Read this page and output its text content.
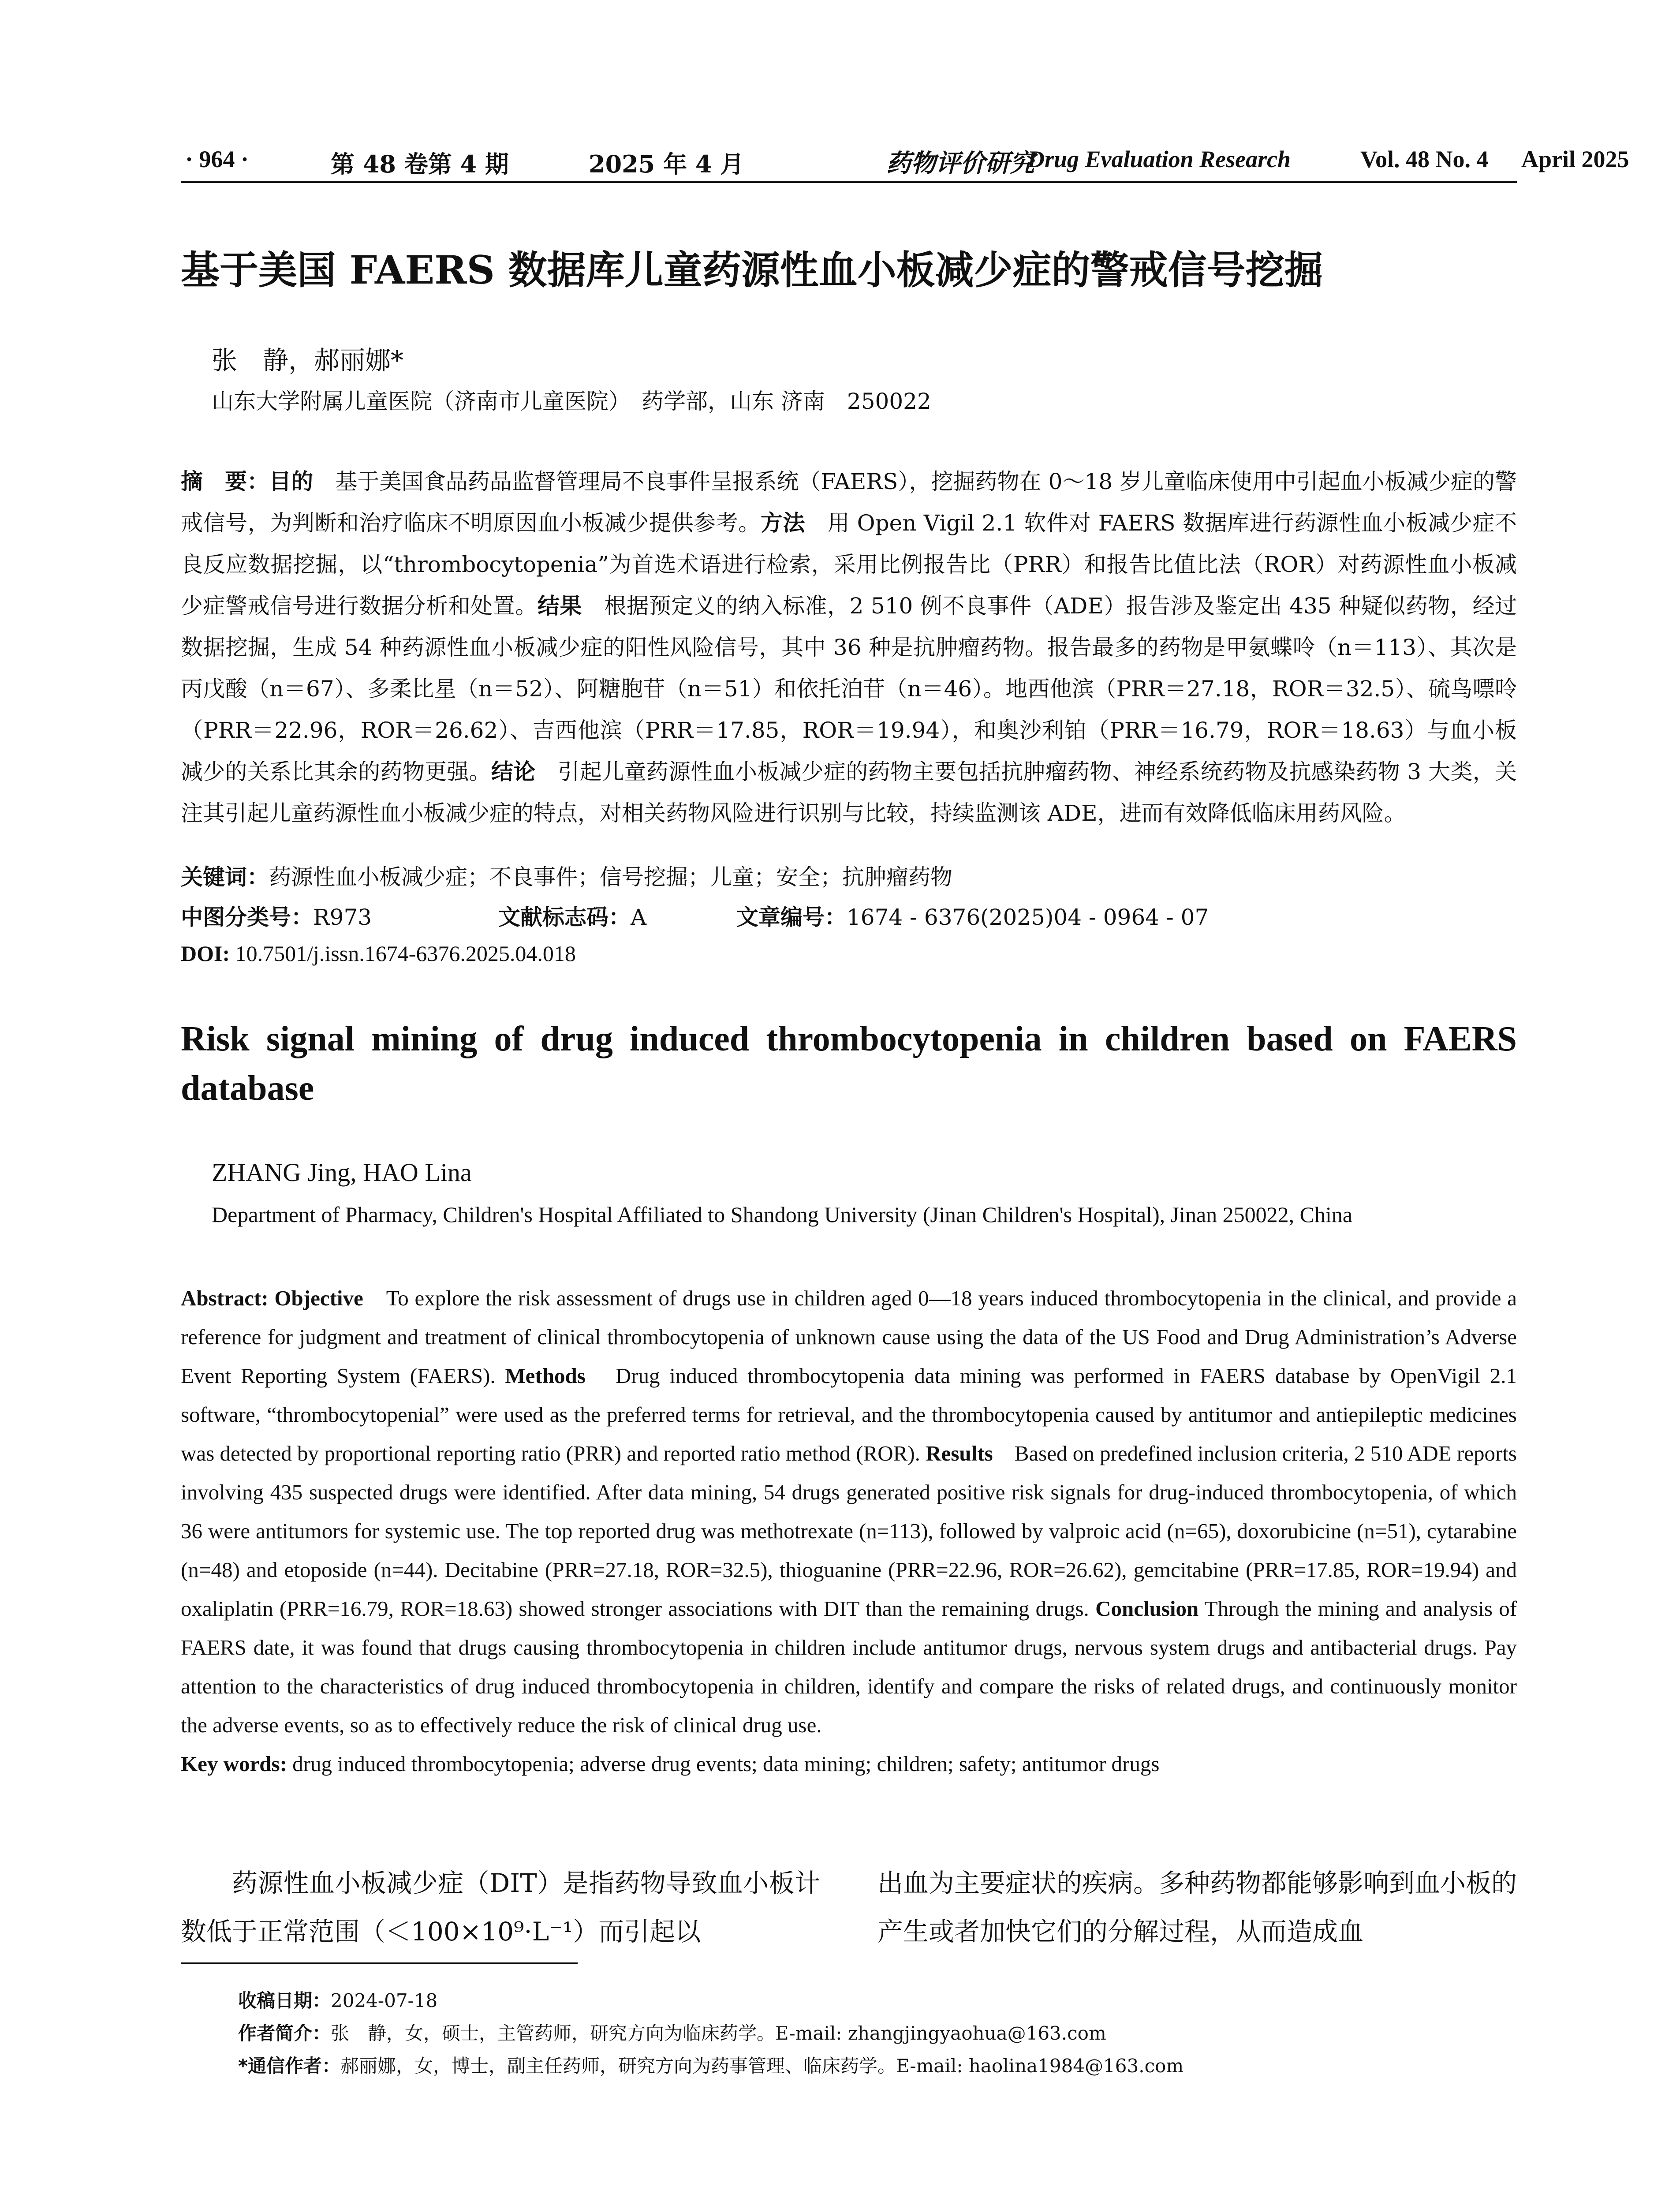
· 964 ·	第 48 卷第 4 期	2025 年 4 月	药物评价研究
Drug Evaluation Research	Vol. 48 No. 4 April 2025
基于美国 FAERS 数据库儿童药源性血小板减少症的警戒信号挖掘
张　静，郝丽娜*
山东大学附属儿童医院（济南市儿童医院）　药学部，山东 济南　250022

摘　要：目的　基于美国食品药品监督管理局不良事件呈报系统（FAERS），挖掘药物在 0～18 岁儿童临床使用中引起血小板减少症的警戒信号，为判断和治疗临床不明原因血小板减少提供参考。方法　用 Open Vigil 2.1 软件对 FAERS 数据库进行药源性血小板减少症不良反应数据挖掘，以“thrombocytopenia”为首选术语进行检索，采用比例报告比（PRR）和报告比值比法（ROR）对药源性血小板减少症警戒信号进行数据分析和处置。结果　根据预定义的纳入标准，2 510 例不良事件（ADE）报告涉及鉴定出 435 种疑似药物，经过数据挖掘，生成 54 种药源性血小板减少症的阳性风险信号，其中 36 种是抗肿瘤药物。报告最多的药物是甲氨蝶呤（n＝113）、其次是丙戊酸（n＝67）、多柔比星（n＝52）、阿糖胞苷（n＝51）和依托泊苷（n＝46）。地西他滨（PRR＝27.18，ROR＝32.5）、硫鸟嘌呤（PRR＝22.96，ROR＝26.62）、吉西他滨（PRR＝17.85，ROR＝19.94），和奥沙利铂（PRR＝16.79，ROR＝18.63）与血小板减少的关系比其余的药物更强。结论　引起儿童药源性血小板减少症的药物主要包括抗肿瘤药物、神经系统药物及抗感染药物 3 大类，关注其引起儿童药源性血小板减少症的特点，对相关药物风险进行识别与比较，持续监测该 ADE，进而有效降低临床用药风险。

关键词：药源性血小板减少症；不良事件；信号挖掘；儿童；安全；抗肿瘤药物
中图分类号：R973	文献标志码：A	文章编号：1674 - 6376(2025)04 - 0964 - 07
DOI: 10.7501/j.issn.1674-6376.2025.04.018
Risk signal mining of drug induced thrombocytopenia in children based on FAERS database
ZHANG Jing, HAO Lina
Department of Pharmacy, Children's Hospital Affiliated to Shandong University (Jinan Children's Hospital), Jinan 250022, China

Abstract: Objective　To explore the risk assessment of drugs use in children aged 0—18 years induced thrombocytopenia in the clinical, and provide a reference for judgment and treatment of clinical thrombocytopenia of unknown cause using the data of the US Food and Drug Administration’s Adverse Event Reporting System (FAERS). Methods　Drug induced thrombocytopenia data mining was performed in FAERS database by OpenVigil 2.1 software, “thrombocytopenial” were used as the preferred terms for retrieval, and the thrombocytopenia caused by antitumor and antiepileptic medicines was detected by proportional reporting ratio (PRR) and reported ratio method (ROR). Results　Based on predefined inclusion criteria, 2 510 ADE reports involving 435 suspected drugs were identified. After data mining, 54 drugs generated positive risk signals for drug-induced thrombocytopenia, of which 36 were antitumors for systemic use. The top reported drug was methotrexate (n=113), followed by valproic acid (n=65), doxorubicine (n=51), cytarabine (n=48) and etoposide (n=44). Decitabine (PRR=27.18, ROR=32.5), thioguanine (PRR=22.96, ROR=26.62), gemcitabine (PRR=17.85, ROR=19.94) and oxaliplatin (PRR=16.79, ROR=18.63) showed stronger associations with DIT than the remaining drugs. Conclusion Through the mining and analysis of FAERS date, it was found that drugs causing thrombocytopenia in children include antitumor drugs, nervous system drugs and antibacterial drugs. Pay attention to the characteristics of drug induced thrombocytopenia in children, identify and compare the risks of related drugs, and continuously monitor the adverse events, so as to effectively reduce the risk of clinical drug use.

Key words: drug induced thrombocytopenia; adverse drug events; data mining; children; safety; antitumor drugs

药源性血小板减少症（DIT）是指药物导致血小板计数低于正常范围（＜100×10⁹·L⁻¹）而引起以
出血为主要症状的疾病。多种药物都能够影响到血小板的产生或者加快它们的分解过程，从而造成血
收稿日期：2024-07-18
作者简介：张　静，女，硕士，主管药师，研究方向为临床药学。E-mail: zhangjingyaohua@163.com
*通信作者：郝丽娜，女，博士，副主任药师，研究方向为药事管理、临床药学。E-mail: haolina1984@163.com
